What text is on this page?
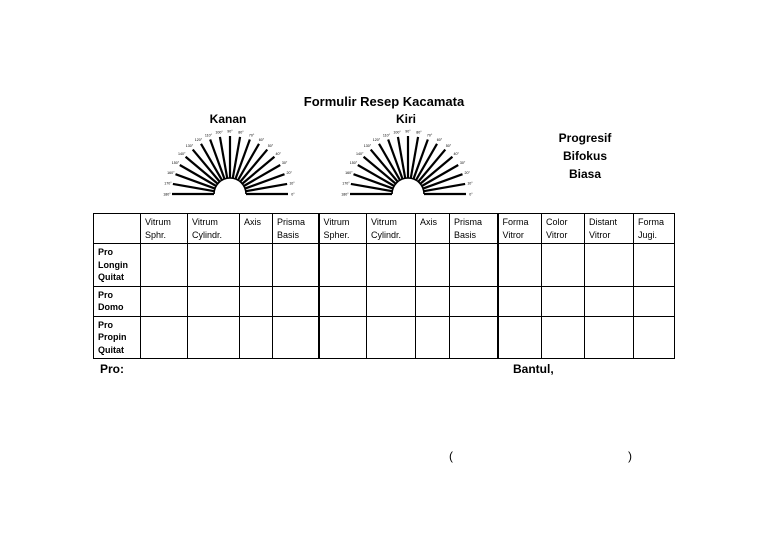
Formulir Resep Kacamata
Kanan	Kiri
0°
10°
20°
30°
40°
50°
60°
70°
80°
90°
100°
110°
120°
130°
140°
150°
160°
170°
180°	0°
10°
20°
30°
40°
50°
60°
70°
80°
90°
100°
110°
120°
130°
140°
150°
160°
170°
180°
Progresif
Bifokus
Biasa
	Vitrum Sphr.	Vitrum Cylindr.	Axis	Prisma Basis	Vitrum Spher.	Vitrum Cylindr.	Axis	Prisma Basis	Forma Vitror	Color Vitror	Distant Vitror	Forma Jugi.
Pro Longin Quitat												
Pro Domo												
Pro Propin Quitat												
Pro:	Bantul,
(	)
